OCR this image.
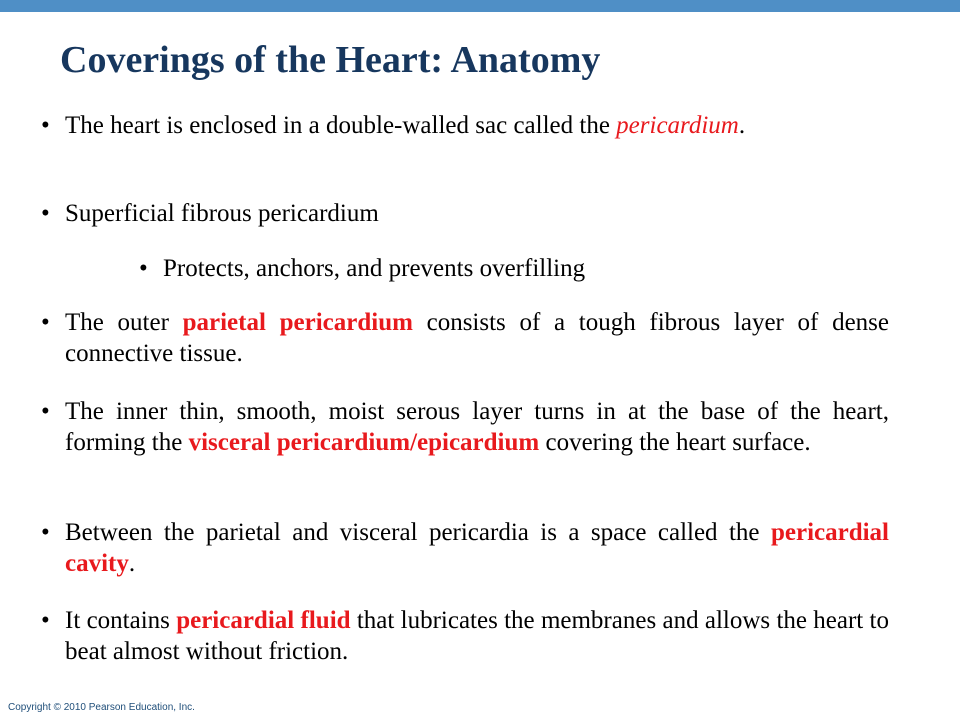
Coverings of the Heart: Anatomy
• The heart is enclosed in a double-walled sac called the pericardium.
• Superficial fibrous pericardium
• Protects, anchors, and prevents overfilling
• The outer parietal pericardium consists of a tough fibrous layer of dense connective tissue.
• The inner thin, smooth, moist serous layer turns in at the base of the heart, forming the visceral pericardium/epicardium covering the heart surface.
• Between the parietal and visceral pericardia is a space called the pericardial cavity.
• It contains pericardial fluid that lubricates the membranes and allows the heart to beat almost without friction.
Copyright © 2010 Pearson Education, Inc.
